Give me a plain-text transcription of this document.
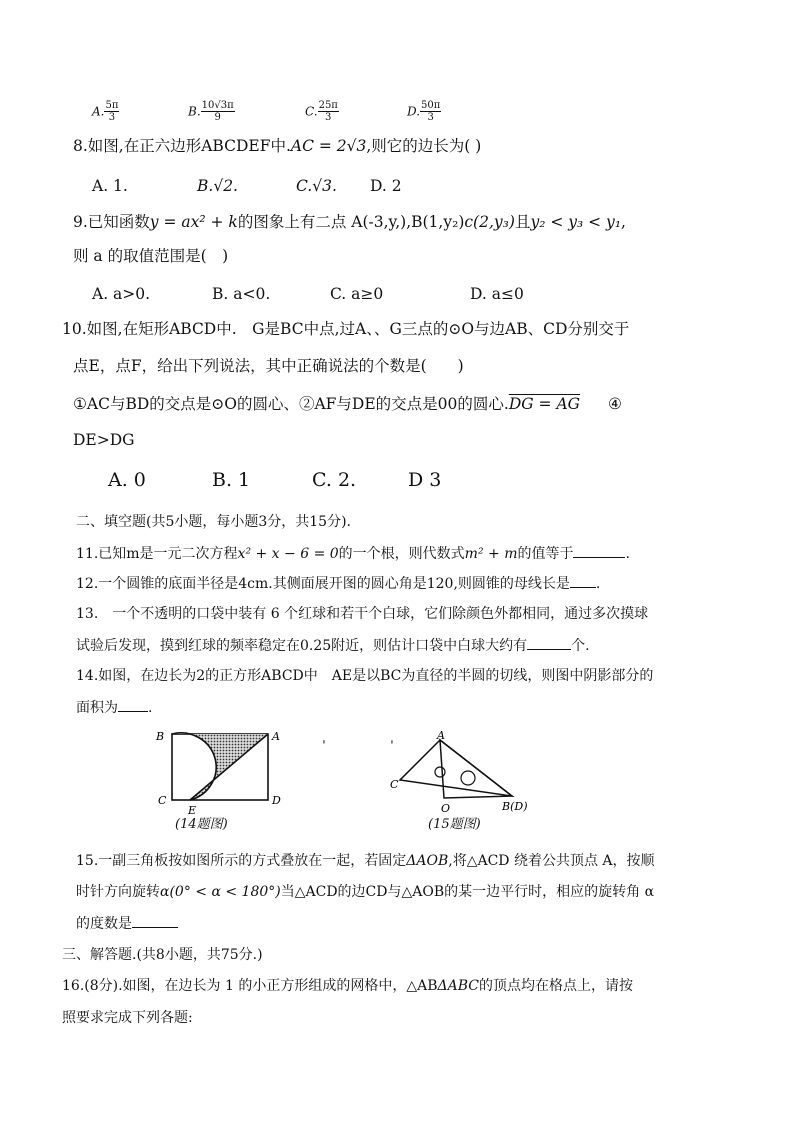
A. $\frac{5\pi}{3}$	B. $\frac{10√3\pi}{9}$	C. $\frac{25\pi}{3}$	D. $\frac{50\pi}{3}$
8.如图,在正六边形ABCDEF中.AC = 2√3,则它的边长为( )
A. 1.	B.√2.	C.√3. D. 2
9.已知函数y = ax² + k的图象上有二点 A(-3,y,),B(1,y₂)c(2,y₃)且y₂ < y₃ < y₁,
则 a 的取值范围是(　)
A. a>0.	B. a<0.	C. a≥0	D. a≤0
10.如图,在矩形ABCD中.　G是BC中点,过A、、G三点的⊙O与边AB、CD分别交于
点E，点F，给出下列说法，其中正确说法的个数是(　　)
①AC与BD的交点是⊙O的圆心、②AF与DE的交点是00的圆心.DG = AG ④
DE>DG
A. 0	B. 1	C. 2.	D 3
二、填空题(共5小题，每小题3分，共15分).
11.已知m是一元二次方程x² + x − 6 = 0的一个根，则代数式m² + m的值等于	.
12.一个圆锥的底面半径是4cm.其侧面展开图的圆心角是120,则圆锥的母线长是 .
13.　一个不透明的口袋中装有 6 个红球和若干个白球，它们除颜色外都相同，通过多次摸球
试验后发现，摸到红球的频率稳定在0.25附近，则估计口袋中白球大约有	个.
14.如图，在边长为2的正方形ABCD中　AE是以BC为直径的半圆的切线，则图中阴影部分的
面积为 .
B	A
C
E
D
(14题图)
ˌ	ˌ	A
C
O	B(D)
(15题图)
15.一副三角板按如图所示的方式叠放在一起，若固定ΔAOB,将△ACD 绕着公共顶点 A，按顺
时针方向旋转α(0° < α < 180°)当△ACD的边CD与△AOB的某一边平行时，相应的旋转角 α
的度数是
三、解答题.(共8小题，共75分.)
16.(8分).如图，在边长为 1 的小正方形组成的网格中，△ABΔABC的顶点均在格点上，请按
照要求完成下列各题:
